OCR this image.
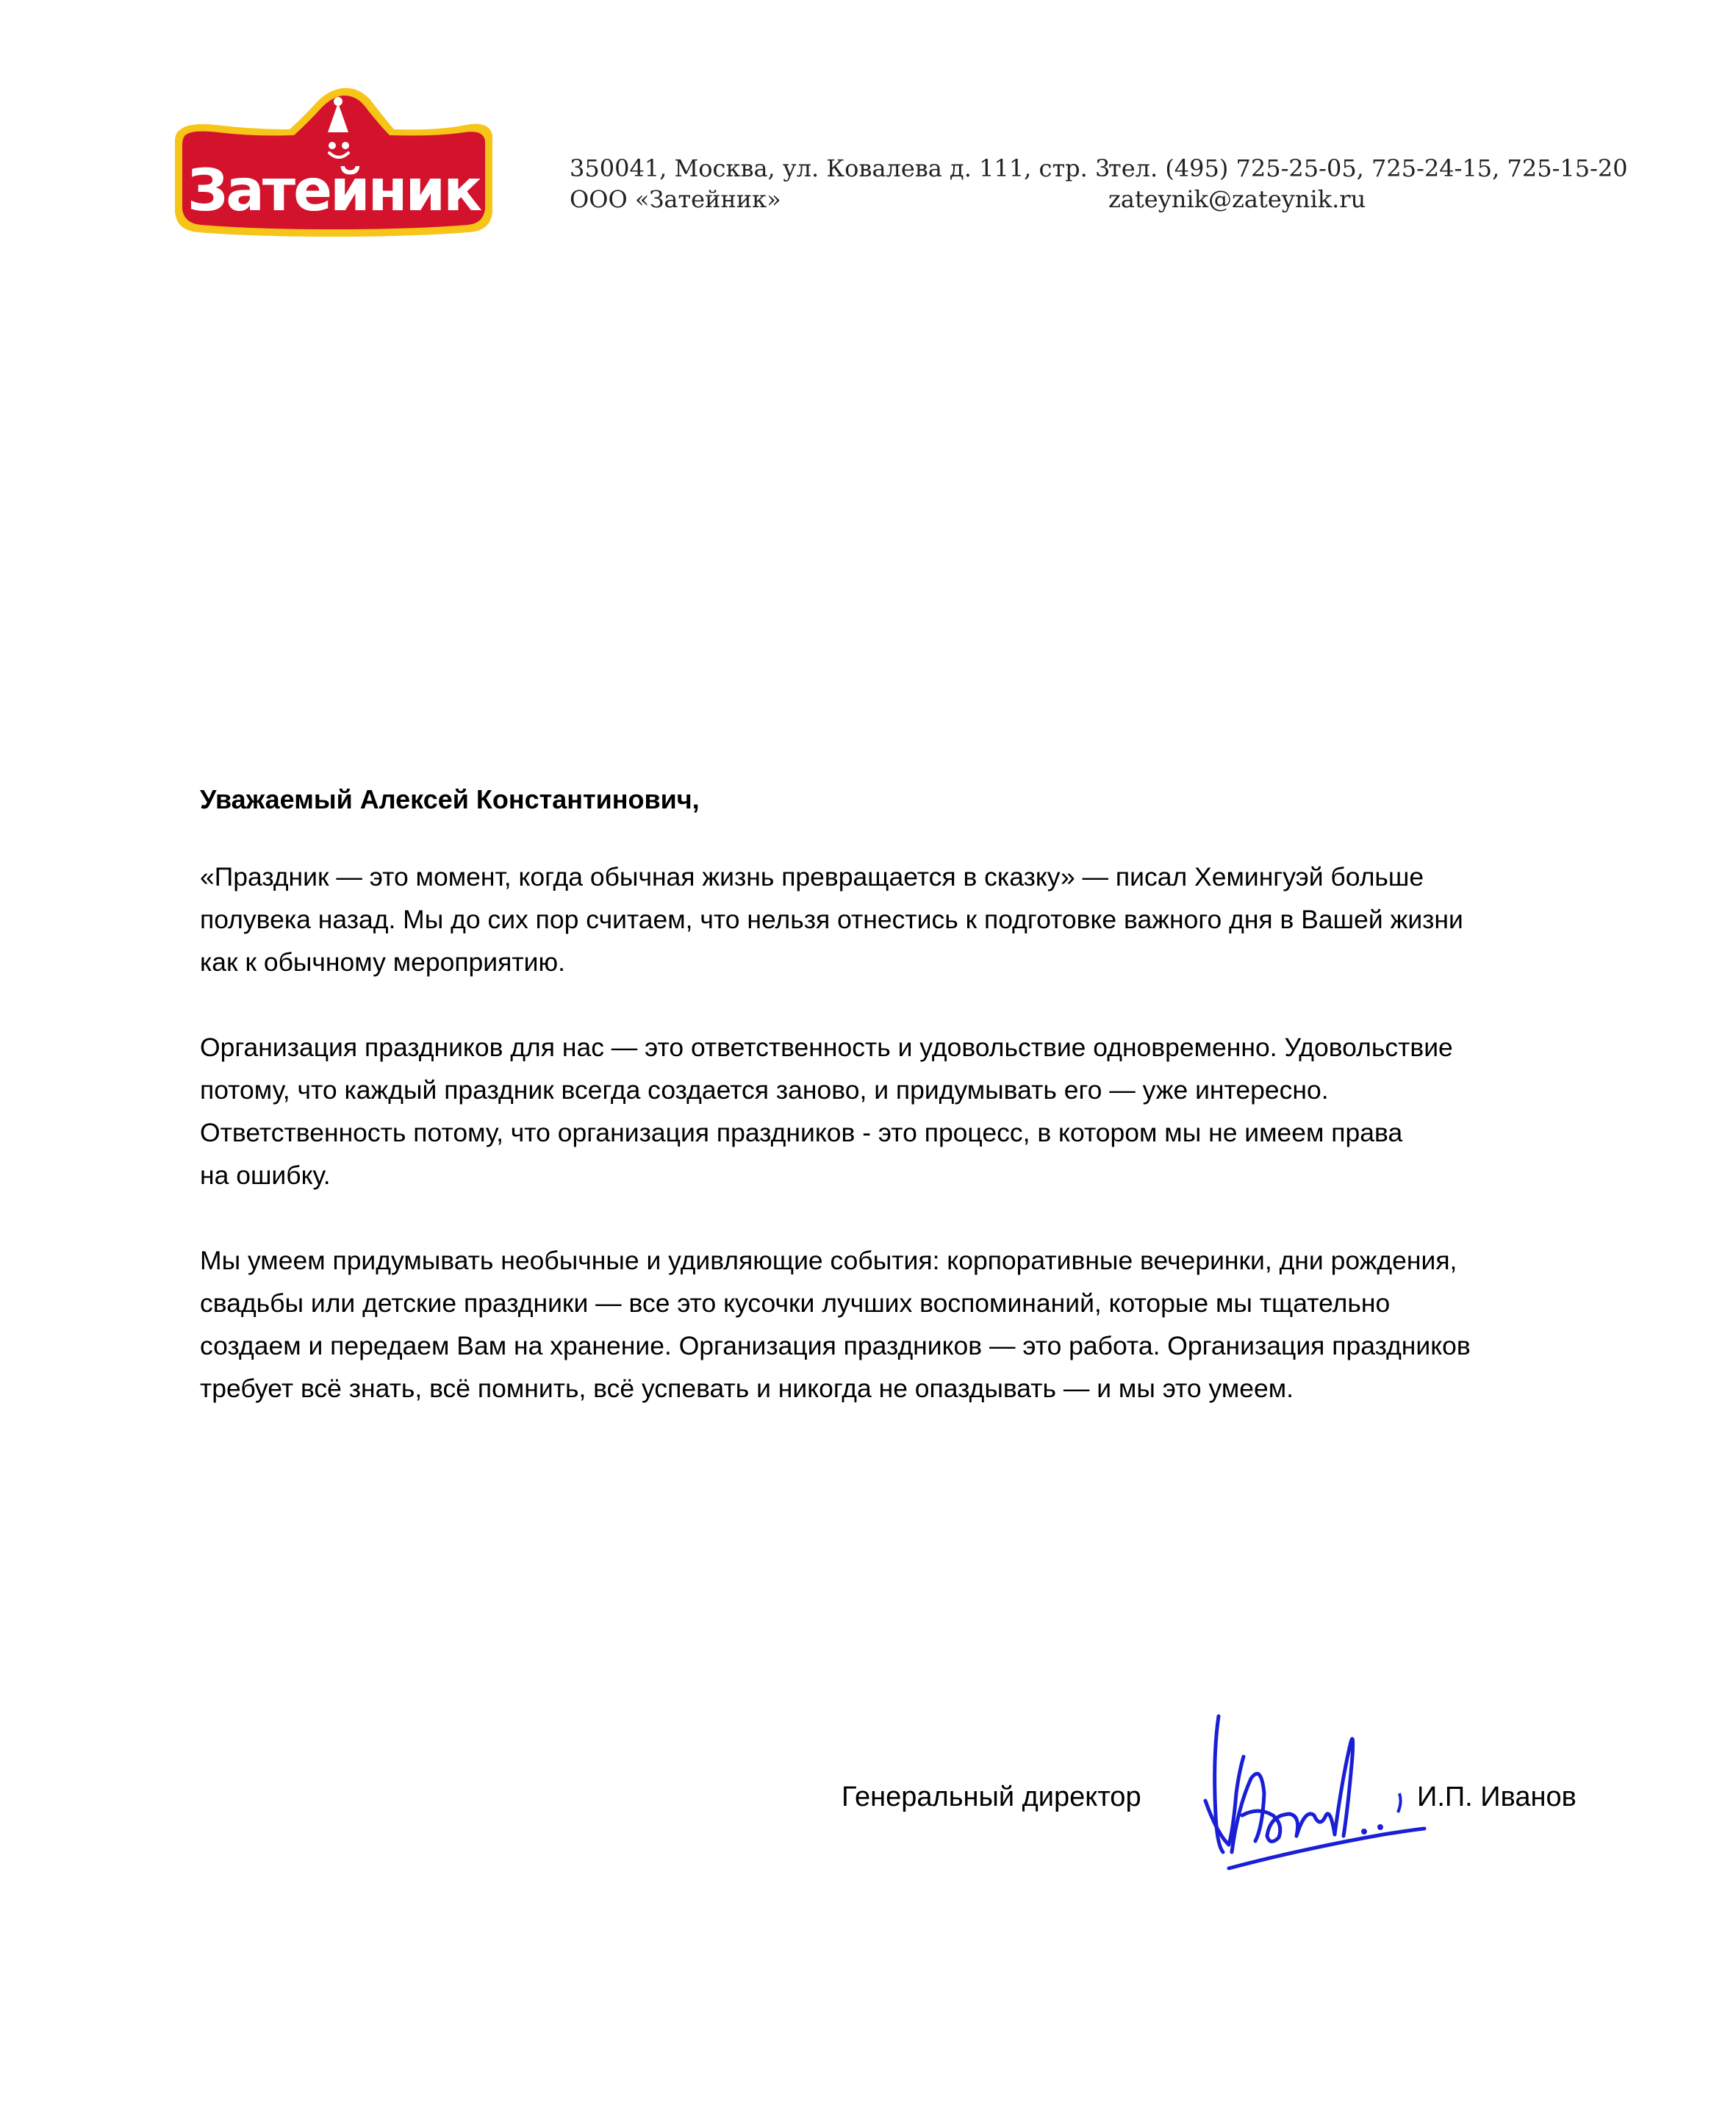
Затейник	350041, Москва, ул. Ковалева д. 111, стр. 3
ООО «Затейник»
тел. (495) 725-25-05, 725-24-15, 725-15-20
zateynik@zateynik.ru

Уважаемый Алексей Константинович,

«Праздник — это момент, когда обычная жизнь превращается в сказку» — писал Хемингуэй больше
полувека назад. Мы до сих пор считаем, что нельзя отнестись к подготовке важного дня в Вашей жизни
как к обычному мероприятию.

Организация праздников для нас — это ответственность и удовольствие одновременно. Удовольствие
потому, что каждый праздник всегда создается заново, и придумывать его — уже интересно.
Ответственность потому, что организация праздников - это процесс, в котором мы не имеем права
на ошибку.

Мы умеем придумывать необычные и удивляющие события: корпоративные вечеринки, дни рождения,
свадьбы или детские праздники — все это кусочки лучших воспоминаний, которые мы тщательно
создаем и передаем Вам на хранение. Организация праздников — это работа. Организация праздников
требует всё знать, всё помнить, всё успевать и никогда не опаздывать — и мы это умеем.

Генеральный директор	И.П. Иванов
